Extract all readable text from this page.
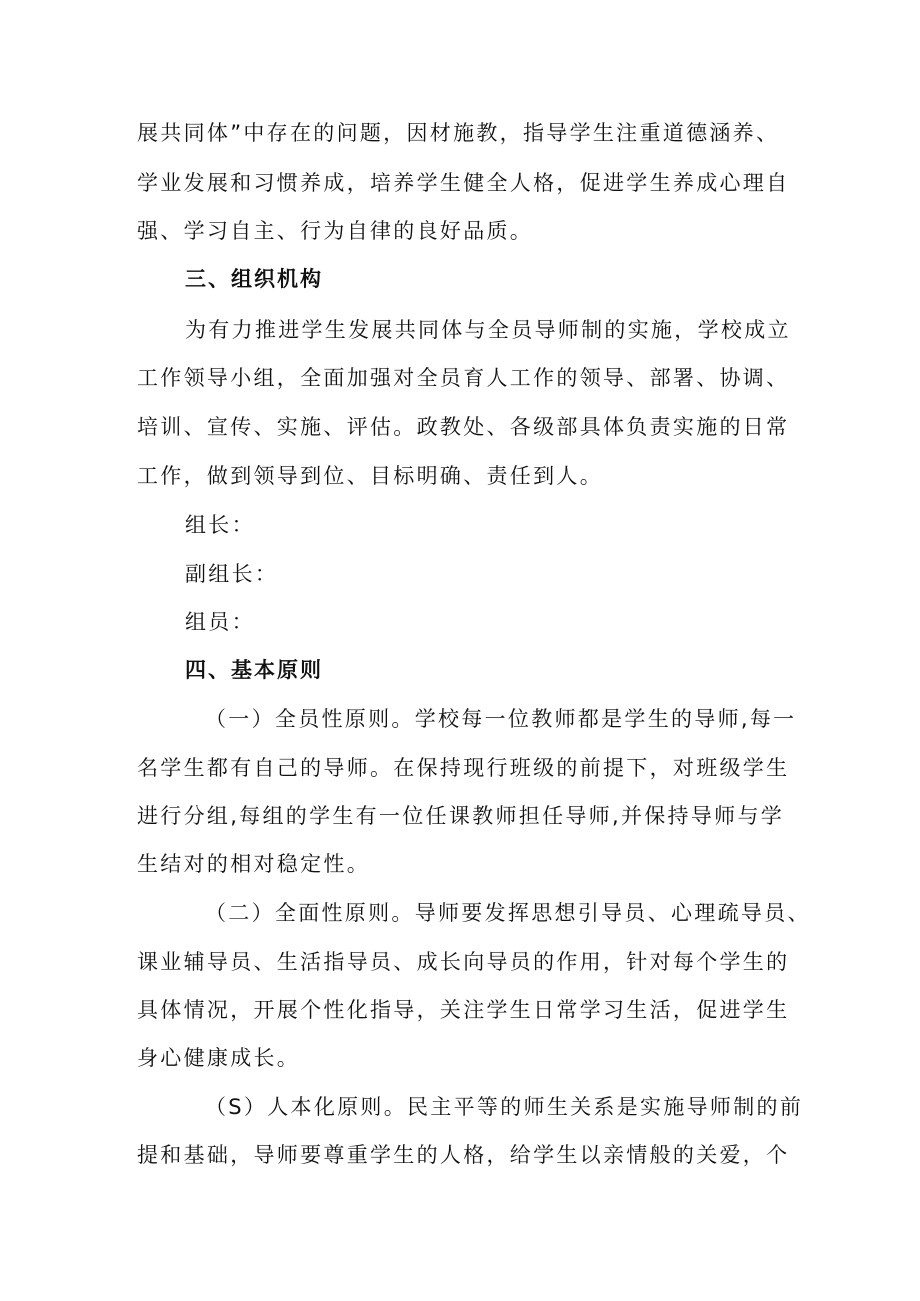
展共同体”中存在的问题，因材施教，指导学生注重道德涵养、
学业发展和习惯养成，培养学生健全人格，促进学生养成心理自
强、学习自主、行为自律的良好品质。
三、组织机构
为有力推进学生发展共同体与全员导师制的实施，学校成立
工作领导小组，全面加强对全员育人工作的领导、部署、协调、
培训、宣传、实施、评估。政教处、各级部具体负责实施的日常
工作，做到领导到位、目标明确、责任到人。
组长：
副组长：
组员：
四、基本原则
（一）全员性原则。学校每一位教师都是学生的导师,每一
名学生都有自己的导师。在保持现行班级的前提下，对班级学生
进行分组,每组的学生有一位任课教师担任导师,并保持导师与学
生结对的相对稳定性。
（二）全面性原则。导师要发挥思想引导员、心理疏导员、
课业辅导员、生活指导员、成长向导员的作用，针对每个学生的
具体情况，开展个性化指导，关注学生日常学习生活，促进学生
身心健康成长。
（S）人本化原则。民主平等的师生关系是实施导师制的前
提和基础，导师要尊重学生的人格，给学生以亲情般的关爱，个
